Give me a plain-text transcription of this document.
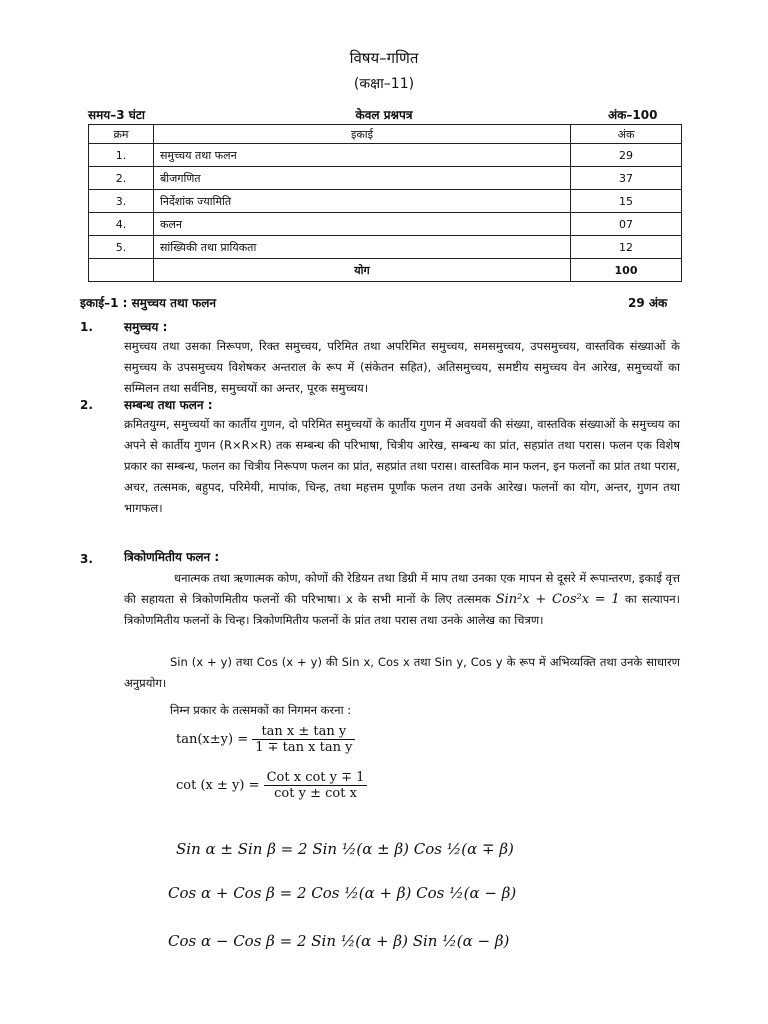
विषय–गणित
(कक्षा–11)
समय–3 घंटा	केवल प्रश्नपत्र	अंक–100
क्रम	इकाई	अंक
1.	समुच्चय तथा फलन	29
2.	बीजगणित	37
3.	निर्देशांक ज्यामिति	15
4.	कलन	07
5.	सांख्यिकी तथा प्रायिकता	12
	योग	100
इकाई–1 : समुच्चय तथा फलन	29 अंक
1.	समुच्चय :
समुच्चय तथा उसका निरूपण, रिक्त समुच्चय, परिमित तथा अपरिमित समुच्चय, समसमुच्चय, उपसमुच्चय, वास्तविक संख्याओं के समुच्चय के उपसमुच्चय विशेषकर अन्तराल के रूप में (संकेतन सहित), अतिसमुच्चय, समष्टीय समुच्चय वेन आरेख, समुच्चयों का सम्मिलन तथा सर्वनिष्ठ, समुच्चयों का अन्तर, पूरक समुच्चय।
2.	सम्बन्ध तथा फलन :
क्रमितयुग्म, समुच्चयों का कार्तीय गुणन, दो परिमित समुच्चयों के कार्तीय गुणन में अवयवों की संख्या, वास्तविक संख्याओं के समुच्चय का अपने से कार्तीय गुणन (R×R×R) तक सम्बन्ध की परिभाषा, चित्रीय आरेख, सम्बन्ध का प्रांत, सहप्रांत तथा परास। फलन एक विशेष प्रकार का सम्बन्ध, फलन का चित्रीय निरूपण फलन का प्रांत, सहप्रांत तथा परास। वास्तविक मान फलन, इन फलनों का प्रांत तथा परास, अचर, तत्समक, बहुपद, परिमेयी, मापांक, चिन्ह, तथा महत्तम पूर्णांक फलन तथा उनके आरेख। फलनों का योग, अन्तर, गुणन तथा भागफल।
3.	त्रिकोणमितीय फलन :
धनात्मक तथा ऋणात्मक कोण, कोणों की रेडियन तथा डिग्री में माप तथा उनका एक मापन से दूसरे में रूपान्तरण, इकाई वृत्त की सहायता से त्रिकोणमितीय फलनों की परिभाषा। x के सभी मानों के लिए तत्समक Sin²x + Cos²x = 1 का सत्यापन। त्रिकोणमितीय फलनों के चिन्ह। त्रिकोणमितीय फलनों के प्रांत तथा परास तथा उनके आलेख का चित्रण।
Sin (x + y) तथा Cos (x + y) की Sin x, Cos x तथा Sin y, Cos y के रूप में अभिव्यक्ति तथा उनके साधारण अनुप्रयोग।
निम्न प्रकार के तत्समकों का निगमन करना :
$\tan(x\pm y) = \frac{\text{tan x ± tan y}}{\text{1 ∓ tan x tan y}}$
$\cot (x \pm y) = \frac{\text{Cot x cot y ∓ 1}}{\text{cot y ± cot x}}$
Sin α ± Sin β = 2 Sin ½(α ± β) Cos ½(α ∓ β)
Cos α + Cos β = 2 Cos ½(α + β) Cos ½(α − β)
Cos α − Cos β = 2 Sin ½(α + β) Sin ½(α − β)
